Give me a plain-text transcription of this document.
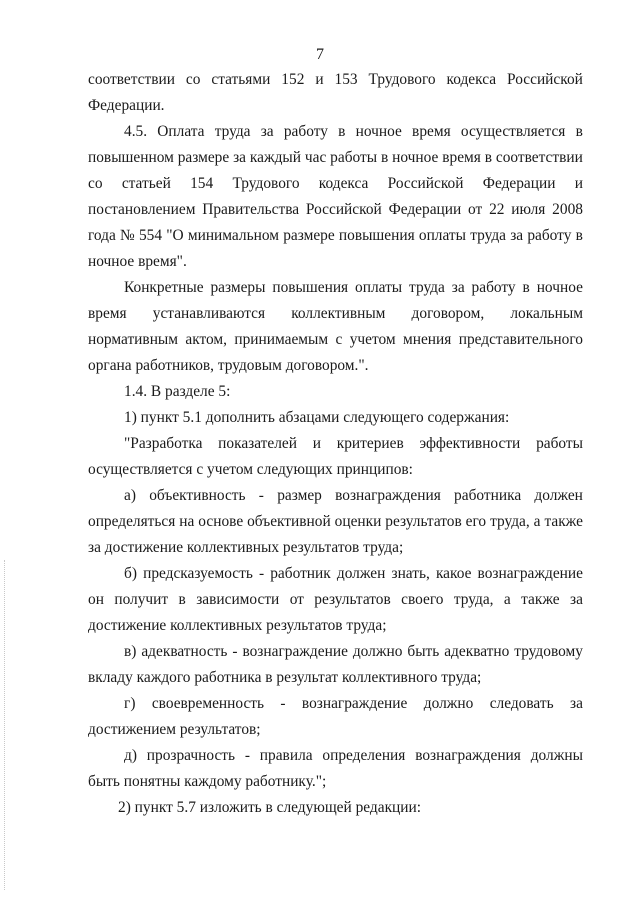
7
соответствии со статьями 152 и 153 Трудового кодекса Российской
Федерации.
4.5. Оплата труда за работу в ночное время осуществляется в
повышенном размере за каждый час работы в ночное время в соответствии
со статьей 154 Трудового кодекса Российской Федерации и
постановлением Правительства Российской Федерации от 22 июля 2008
года № 554 "О минимальном размере повышения оплаты труда за работу в
ночное время".
Конкретные размеры повышения оплаты труда за работу в ночное
время устанавливаются коллективным договором, локальным
нормативным актом, принимаемым с учетом мнения представительного
органа работников, трудовым договором.".
1.4. В разделе 5:
1) пункт 5.1 дополнить абзацами следующего содержания:
"Разработка показателей и критериев эффективности работы
осуществляется с учетом следующих принципов:
а) объективность - размер вознаграждения работника должен
определяться на основе объективной оценки результатов его труда, а также
за достижение коллективных результатов труда;
б) предсказуемость - работник должен знать, какое вознаграждение
он получит в зависимости от результатов своего труда, а также за
достижение коллективных результатов труда;
в) адекватность - вознаграждение должно быть адекватно трудовому
вкладу каждого работника в результат коллективного труда;
г) своевременность - вознаграждение должно следовать за
достижением результатов;
д) прозрачность - правила определения вознаграждения должны
быть понятны каждому работнику.";
2) пункт 5.7 изложить в следующей редакции:
